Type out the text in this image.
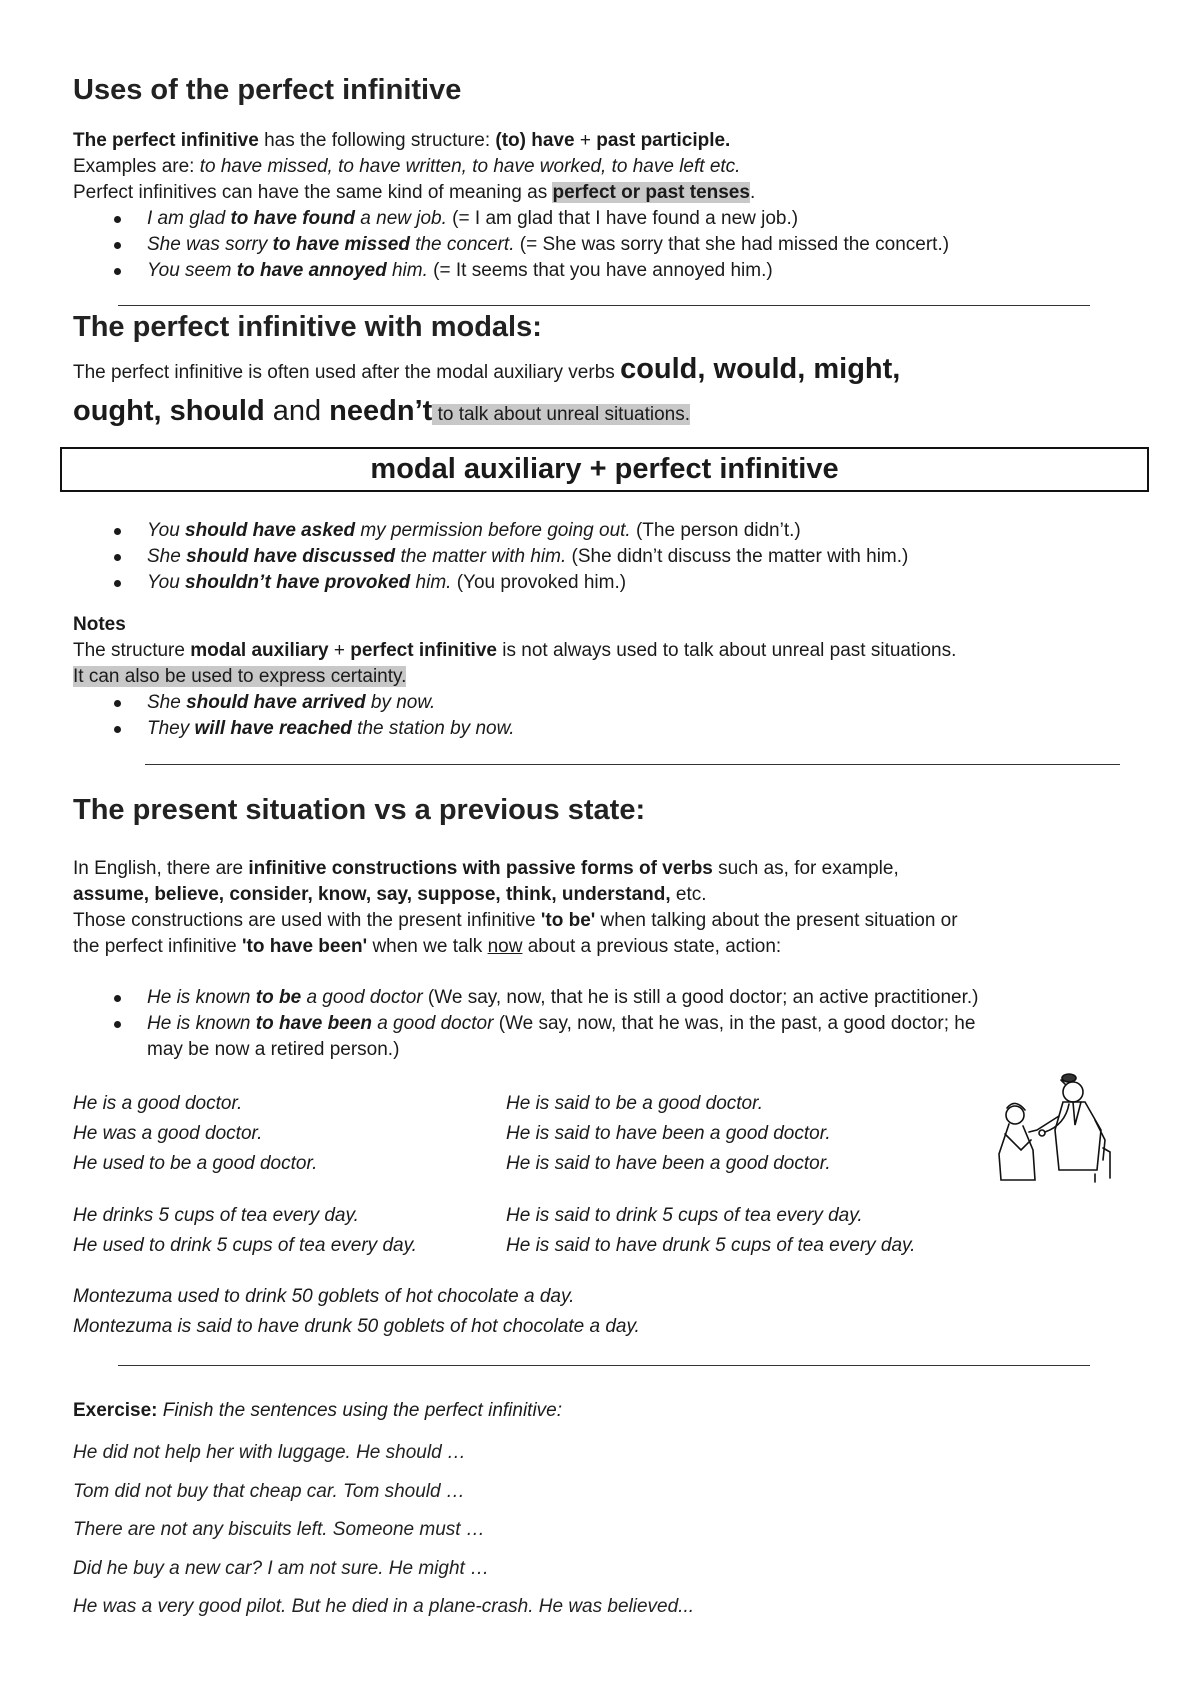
Uses of the perfect infinitive

The perfect infinitive has the following structure: (to) have + past participle.

Examples are: to have missed, to have written, to have worked, to have left etc.

Perfect infinitives can have the same kind of meaning as perfect or past tenses.

I am glad to have found a new job. (= I am glad that I have found a new job.)
She was sorry to have missed the concert. (= She was sorry that she had missed the concert.)
You seem to have annoyed him. (= It seems that you have annoyed him.)
The perfect infinitive with modals:

The perfect infinitive is often used after the modal auxiliary verbs could, would, might,

ought, should and needn’t to talk about unreal situations.

modal auxiliary + perfect infinitive
You should have asked my permission before going out. (The person didn’t.)
She should have discussed the matter with him. (She didn’t discuss the matter with him.)
You shouldn’t have provoked him. (You provoked him.)

Notes

The structure modal auxiliary + perfect infinitive is not always used to talk about unreal past situations.

It can also be used to express certainty.

She should have arrived by now.
They will have reached the station by now.
The present situation vs a previous state:

In English, there are infinitive constructions with passive forms of verbs such as, for example,

assume, believe, consider, know, say, suppose, think, understand, etc.

Those constructions are used with the present infinitive 'to be' when talking about the present situation or

the perfect infinitive 'to have been' when we talk now about a previous state, action:

He is known to be a good doctor (We say, now, that he is still a good doctor; an active practitioner.)
He is known to have been a good doctor (We say, now, that he was, in the past, a good doctor; he
may be now a retired person.)
He is a good doctor.
He was a good doctor.
He used to be a good doctor.
He is said to be a good doctor.
He is said to have been a good doctor.
He is said to have been a good doctor.
He drinks 5 cups of tea every day.
He used to drink 5 cups of tea every day.
He is said to drink 5 cups of tea every day.
He is said to have drunk 5 cups of tea every day.
Montezuma used to drink 50 goblets of hot chocolate a day.
Montezuma is said to have drunk 50 goblets of hot chocolate a day.
Exercise: Finish the sentences using the perfect infinitive:
He did not help her with luggage. He should …
Tom did not buy that cheap car. Tom should …
There are not any biscuits left. Someone must …
Did he buy a new car? I am not sure. He might …
He was a very good pilot. But he died in a plane-crash. He was believed...
